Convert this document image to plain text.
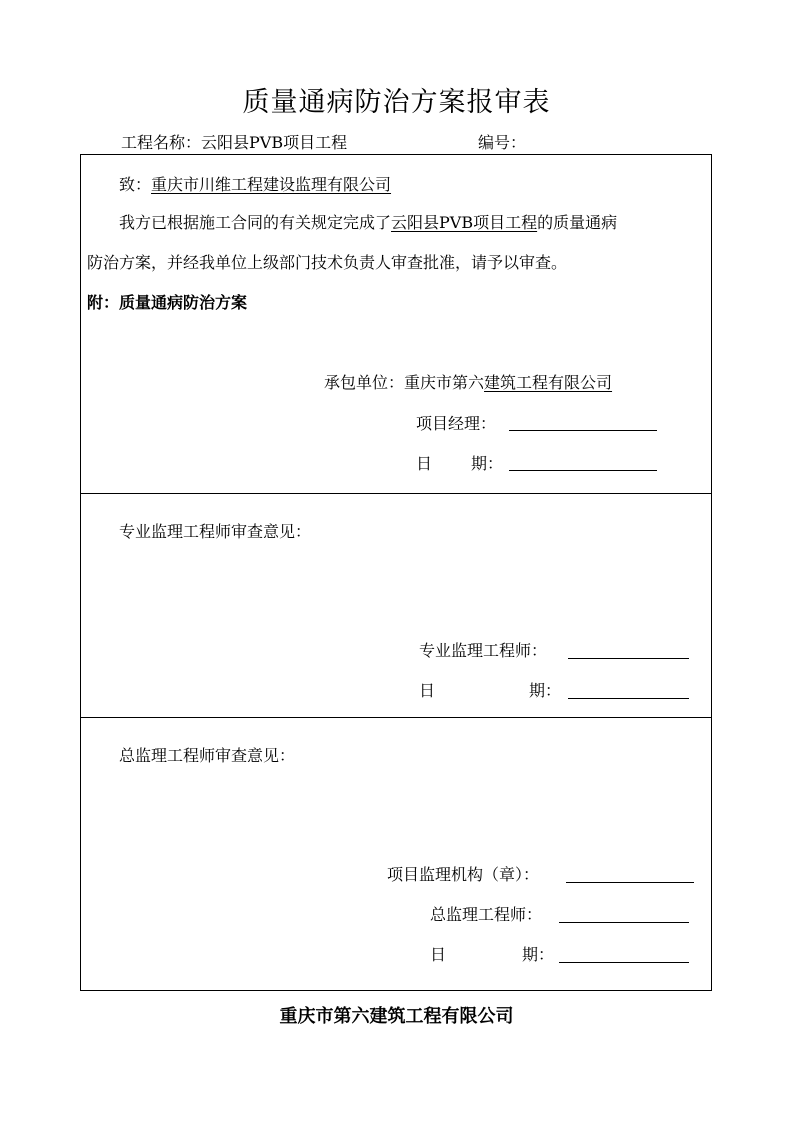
质量通病防治方案报审表
工程名称：云阳县PVB项目工程	编号：
致：重庆市川维工程建设监理有限公司
我方已根据施工合同的有关规定完成了云阳县PVB项目工程的质量通病
防治方案，并经我单位上级部门技术负责人审查批准，请予以审查。
附：质量通病防治方案
承包单位：重庆市第六建筑工程有限公司
项目经理：
日 期：
专业监理工程师审查意见：
专业监理工程师：
日	期：
总监理工程师审查意见：
项目监理机构（章）：
总监理工程师：
日	期：
重庆市第六建筑工程有限公司
